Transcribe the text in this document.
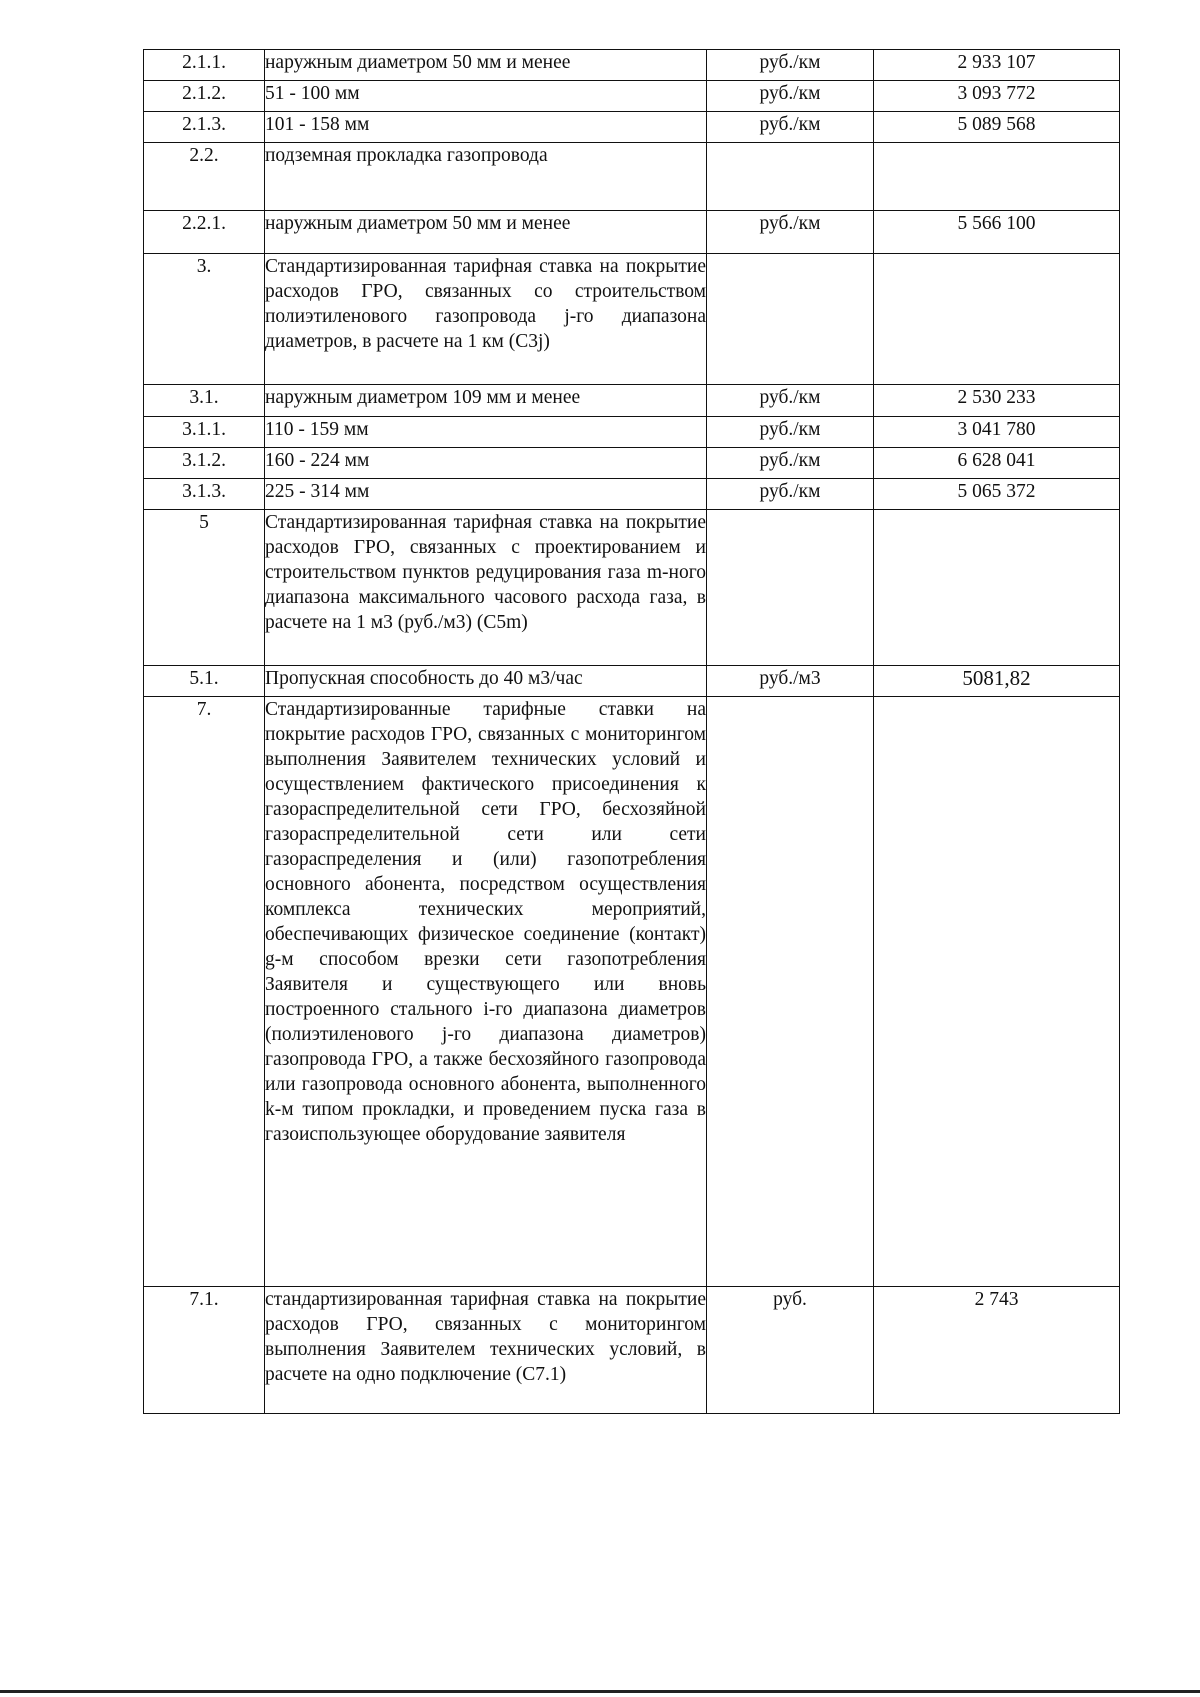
2.1.1.	наружным диаметром 50 мм и менее	руб./км	2 933 107
2.1.2.	51 - 100 мм	руб./км	3 093 772
2.1.3.	101 - 158 мм	руб./км	5 089 568
2.2.	подземная прокладка газопровода		
2.2.1.	наружным диаметром 50 мм и менее	руб./км	5 566 100
3.	Стандартизированная тарифная ставка на покрытие расходов ГРО, связанных со строительством полиэтиленового газопровода j-го диапазона диаметров, в расчете на 1 км (С3j)		
3.1.	наружным диаметром 109 мм и менее	руб./км	2 530 233
3.1.1.	110 - 159 мм	руб./км	3 041 780
3.1.2.	160 - 224 мм	руб./км	6 628 041
3.1.3.	225 - 314 мм	руб./км	5 065 372
5	Стандартизированная тарифная ставка на покрытие расходов ГРО, связанных с проектированием и строительством пунктов редуцирования газа m-ного диапазона максимального часового расхода газа, в расчете на 1 м3 (руб./м3) (С5m)		
5.1.	Пропускная способность до 40 м3/час	руб./м3	5081,82
7.	Стандартизированные тарифные ставки на покрытие расходов ГРО, связанных с мониторингом выполнения Заявителем технических условий и осуществлением фактического присоединения к газораспределительной сети ГРО, бесхозяйной газораспределительной сети или сети газораспределения и (или) газопотребления основного абонента, посредством осуществления комплекса технических мероприятий, обеспечивающих физическое соединение (контакт) g-м способом врезки сети газопотребления Заявителя и существующего или вновь построенного стального i-го диапазона диаметров (полиэтиленового j-го диапазона диаметров) газопровода ГРО, а также бесхозяйного газопровода или газопровода основного абонента, выполненного k-м типом прокладки, и проведением пуска газа в газоиспользующее оборудование заявителя		
7.1.	стандартизированная тарифная ставка на покрытие расходов ГРО, связанных с мониторингом выполнения Заявителем технических условий, в расчете на одно подключение (С7.1)	руб.	2 743
